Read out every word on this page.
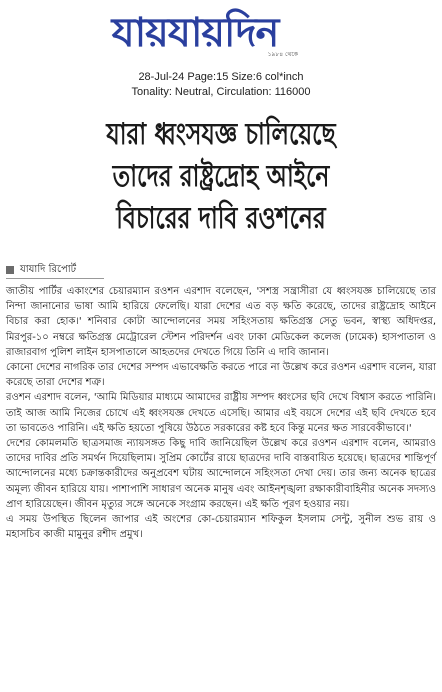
যায়যায়দিন
১৯৮৪ থেকে
28-Jul-24 Page:15 Size:6 col*inch
Tonality: Neutral, Circulation: 116000
যারা ধ্বংসযজ্ঞ চালিয়েছে
তাদের রাষ্ট্রদ্রোহ আইনে
বিচারের দাবি রওশনের
যাযাদি রিপোর্ট

জাতীয় পার্টির একাংশের চেয়ারম্যান রওশন এরশাদ বলেছেন, 'সশস্ত্র সন্ত্রাসীরা যে ধ্বংসযজ্ঞ চালিয়েছে তার নিন্দা জানানোর ভাষা আমি হারিয়ে ফেলেছি। যারা দেশের এত বড় ক্ষতি করেছে, তাদের রাষ্ট্রদ্রোহ আইনে বিচার করা হোক।' শনিবার কোটা আন্দোলনের সময় সহিংসতায় ক্ষতিগ্রস্ত সেতু ভবন, স্বাস্থ্য অধিদপ্তর, মিরপুর-১০ নম্বরে ক্ষতিগ্রস্ত মেট্রোরেল স্টেশন পরিদর্শন এবং ঢাকা মেডিকেল কলেজ (ঢামেক) হাসপাতাল ও রাজারবাগ পুলিশ লাইন হাসপাতালে আহতদের দেখতে গিয়ে তিনি এ দাবি জানান।

কোনো দেশের নাগরিক তার দেশের সম্পদ এভাবেক্ষতি করতে পারে না উল্লেখ করে রওশন এরশাদ বলেন, যারা করেছে তারা দেশের শত্রু।

রওশন এরশাদ বলেন, 'আমি মিডিয়ার মাধ্যমে আমাদের রাষ্ট্রীয় সম্পদ ধ্বংসের ছবি দেখে বিশ্বাস করতে পারিনি। তাই আজ আমি নিজের চোখে এই ধ্বংসযজ্ঞ দেখতে এসেছি। আমার এই বয়সে দেশের এই ছবি দেখতে হবে তা ভাবতেও পারিনি। এই ক্ষতি হয়তো পুষিয়ে উঠতে সরকারের কষ্ট হবে কিন্তু মনের ক্ষত সারবেকীভাবে।'

দেশের কোমলমতি ছাত্রসমাজ ন্যায়সঙ্গত কিছু দাবি জানিয়েছিল উল্লেখ করে রওশন এরশাদ বলেন, আমরাও তাদের দাবির প্রতি সমর্থন দিয়েছিলাম। সুপ্রিম কোর্টের রায়ে ছাত্রদের দাবি বাস্তবায়িত হয়েছে। ছাত্রদের শান্তিপূর্ণ আন্দোলনের মধ্যে চক্রান্তকারীদের অনুপ্রবেশ ঘটায় আন্দোলনে সহিংসতা দেখা দেয়। তার জন্য অনেক ছাত্রের অমূল্য জীবন হারিয়ে যায়। পাশাপাশি সাধারণ অনেক মানুষ এবং আইনশৃঙ্খলা রক্ষাকারীবাহিনীর অনেক সদস্যও প্রাণ হারিয়েছেন। জীবন মৃত্যুর সঙ্গে অনেকে সংগ্রাম করছেন। এই ক্ষতি পূরণ হওয়ার নয়।

এ সময় উপস্থিত ছিলেন জাপার এই অংশের কো-চেয়ারম্যান শফিকুল ইসলাম সেন্টু, সুনীল শুভ রায় ও মহাসচিব কাজী মামুনুর রশীদ প্রমুখ।
